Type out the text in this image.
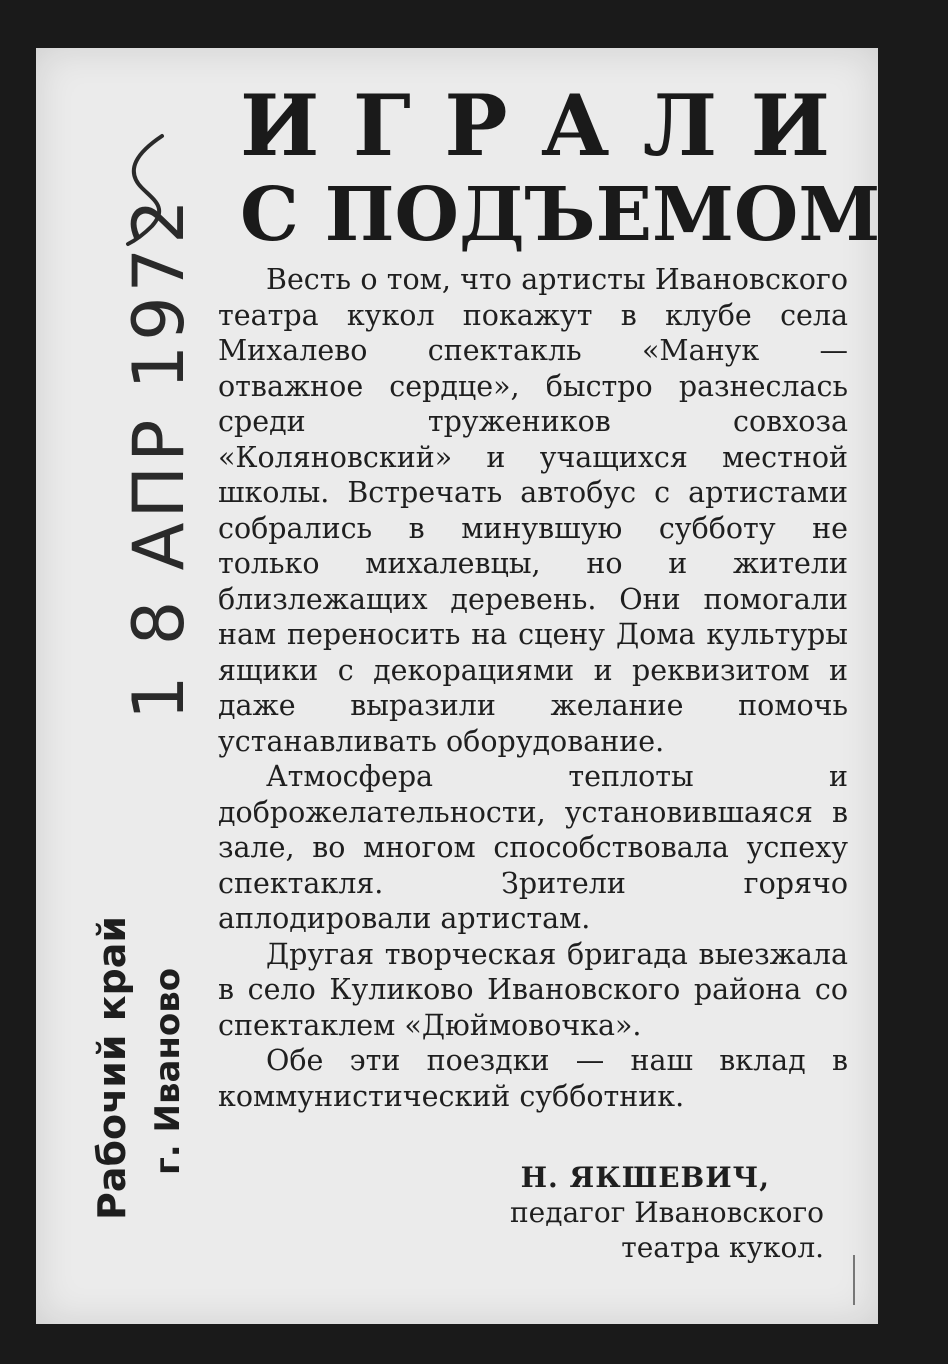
1 8 АПР 1972
Рабочий край г. Иваново
И Г Р А Л И
С ПОДЪЕМОМ

Весть о том, что артисты Ивановского театра кукол покажут в клубе села Михалево спектакль «Манук — отважное сердце», быстро разнеслась среди тружеников совхоза «Коляновский» и учащихся местной школы. Встречать автобус с артистами собрались в минувшую субботу не только михалевцы, но и жители близлежащих деревень. Они помогали нам переносить на сцену Дома культуры ящики с декорациями и реквизитом и даже выразили желание помочь устанавливать оборудование.

Атмосфера теплоты и доброжелательности, установившаяся в зале, во многом способствовала успеху спектакля. Зрители горячо аплодировали артистам.

Другая творческая бригада выезжала в село Куликово Ивановского района со спектаклем «Дюймовочка».

Обе эти поездки — наш вклад в коммунистический субботник.

Н. ЯКШЕВИЧ,
педагог Ивановского
театра кукол.
